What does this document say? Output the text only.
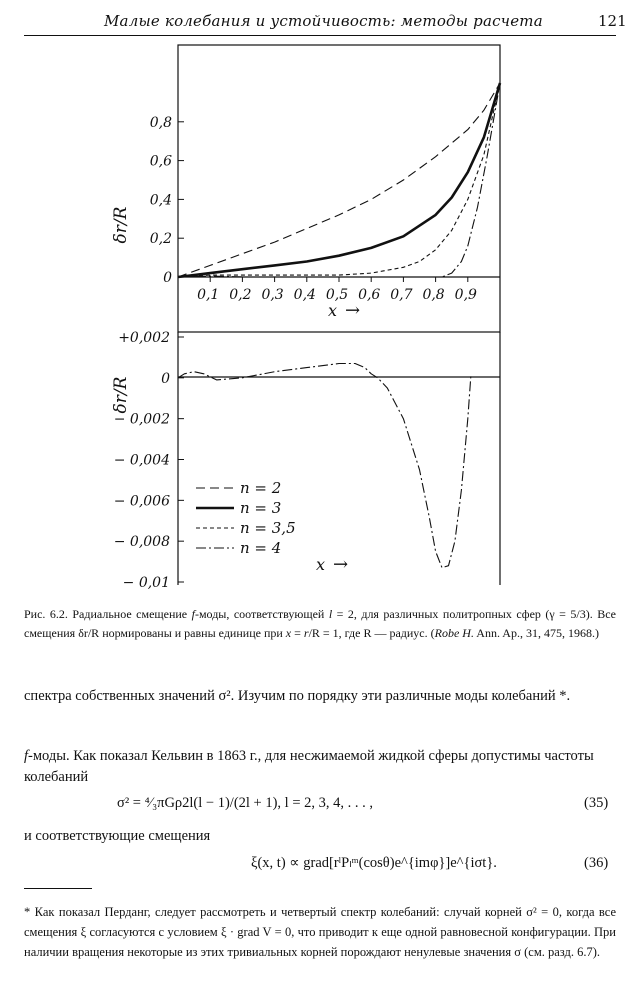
Малые колебания и устойчивость: методы расчета	121
0,1 0,2 0,3 0,4 0,5 0,6 0,7 0,8 0,9
0
0,2
0,4
0,6
0,8
δr/R
x →
+0,002
0
− 0,002
− 0,004
− 0,006
− 0,008
− 0,01
δr/R
x →
n = 2
n = 3
n = 3,5
n = 4
Рис. 6.2. Радиальное смещение f-моды, соответствующей l = 2, для различных политропных сфер (γ = 5/3). Все смещения δr/R нормированы и равны единице при x = r/R = 1, где R — радиус. (Robe H. Ann. Ap., 31, 475, 1968.)
спектра собственных значений σ². Изучим по порядку эти различные моды колебаний *.
f-моды. Как показал Кельвин в 1863 г., для несжимаемой жидкой сферы допустимы частоты колебаний
σ² = ⁴⁄₃πGρ2l(l − 1)/(2l + 1), l = 2, 3, 4, . . . ,	(35)
и соответствующие смещения
ξ(x, t) ∝ grad[rˡPₗᵐ(cosθ)e^{imφ}]e^{iσt}.	(36)
* Как показал Перданг, следует рассмотреть и четвертый спектр колебаний: случай корней σ² = 0, когда все смещения ξ согласуются с условием ξ · grad V = 0, что приводит к еще одной равновесной конфигурации. При наличии вращения некоторые из этих тривиальных корней порождают ненулевые значения σ (см. разд. 6.7).
